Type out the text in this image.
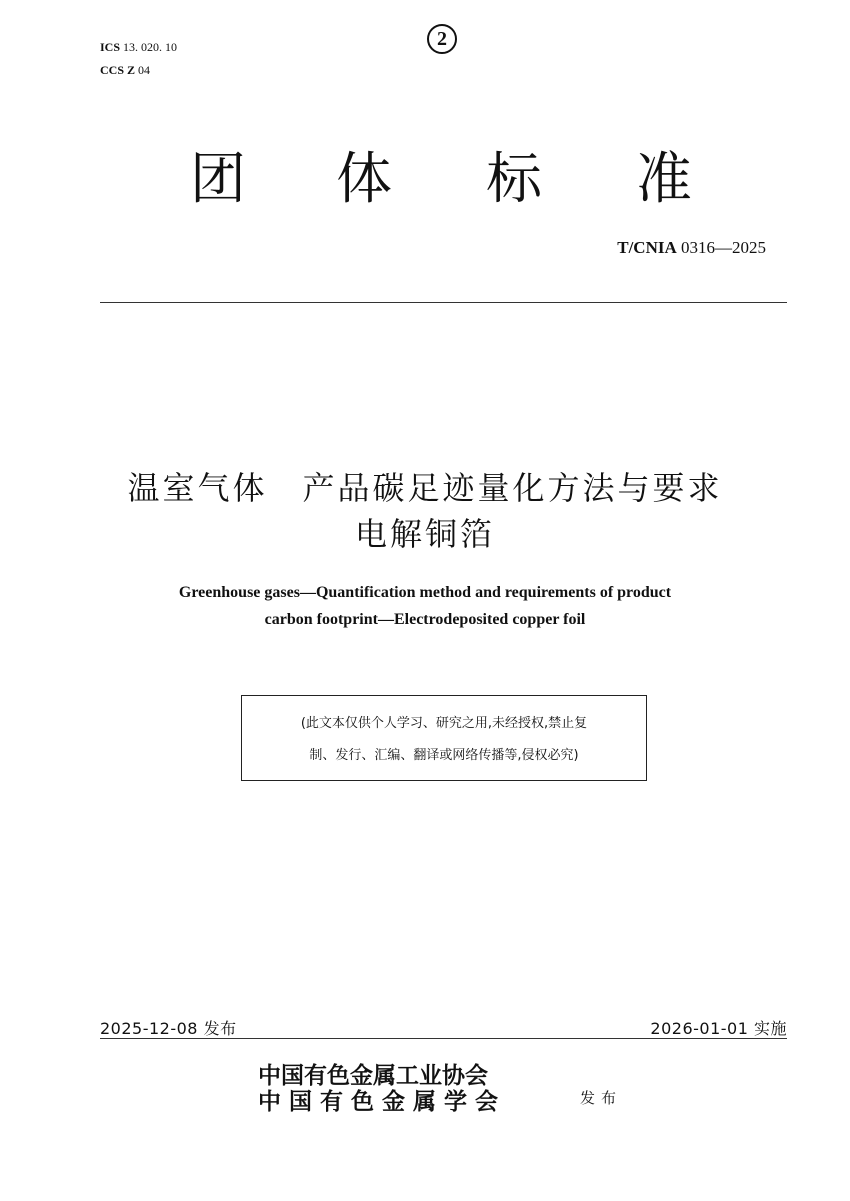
2
ICS 13. 020. 10
CCS Z 04
团 体 标 准
T/CNIA 0316—2025
温室气体　产品碳足迹量化方法与要求
电解铜箔
Greenhouse gases—Quantification method and requirements of product
carbon footprint—Electrodeposited copper foil
(此文本仅供个人学习、研究之用,未经授权,禁止复
制、发行、汇编、翻译或网络传播等,侵权必究)
2025-12-08 发布	2026-01-01 实施
中国有色金属工业协会
中 国 有 色 金 属 学 会	发布
